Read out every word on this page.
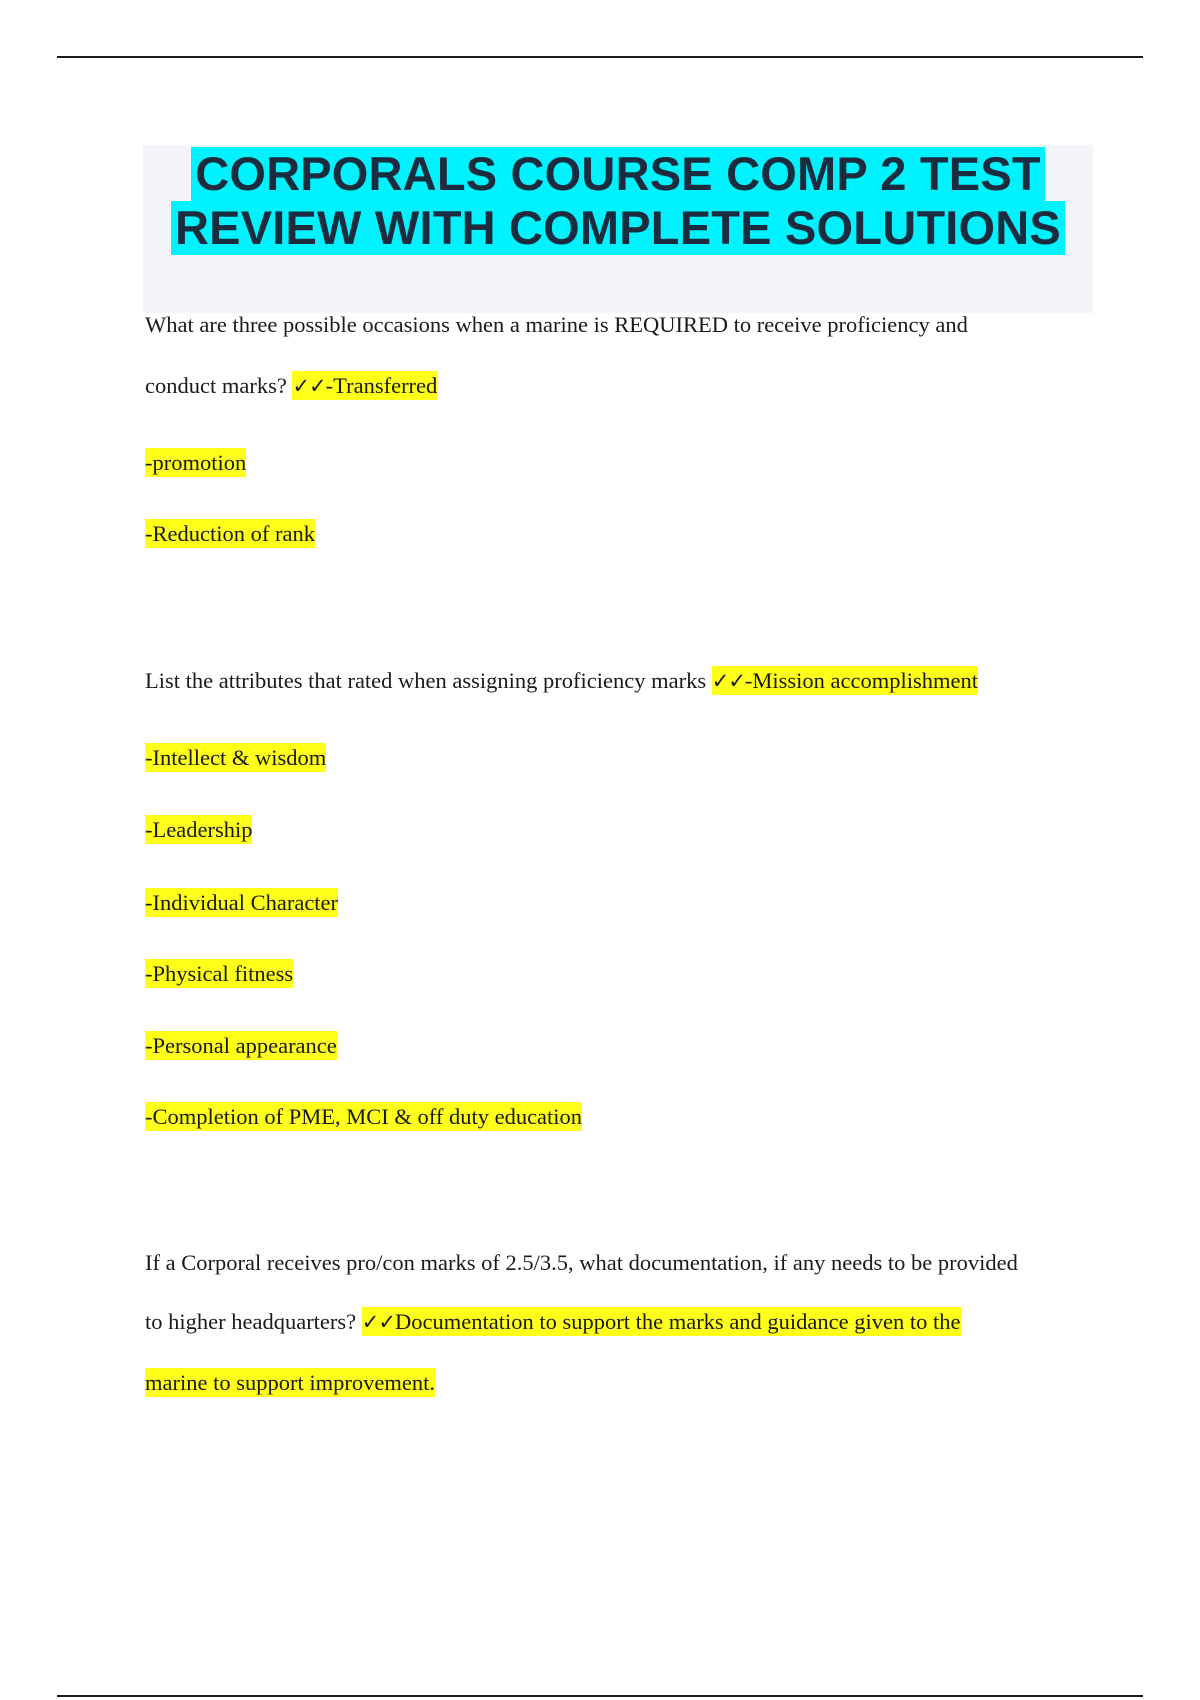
CORPORALS COURSE COMP 2 TEST
REVIEW WITH COMPLETE SOLUTIONS
What are three possible occasions when a marine is REQUIRED to receive proficiency and
conduct marks? ✓✓-Transferred
-promotion
-Reduction of rank
List the attributes that rated when assigning proficiency marks ✓✓-Mission accomplishment
-Intellect & wisdom
-Leadership
-Individual Character
-Physical fitness
-Personal appearance
-Completion of PME, MCI & off duty education
If a Corporal receives pro/con marks of 2.5/3.5, what documentation, if any needs to be provided
to higher headquarters? ✓✓Documentation to support the marks and guidance given to the
marine to support improvement.
